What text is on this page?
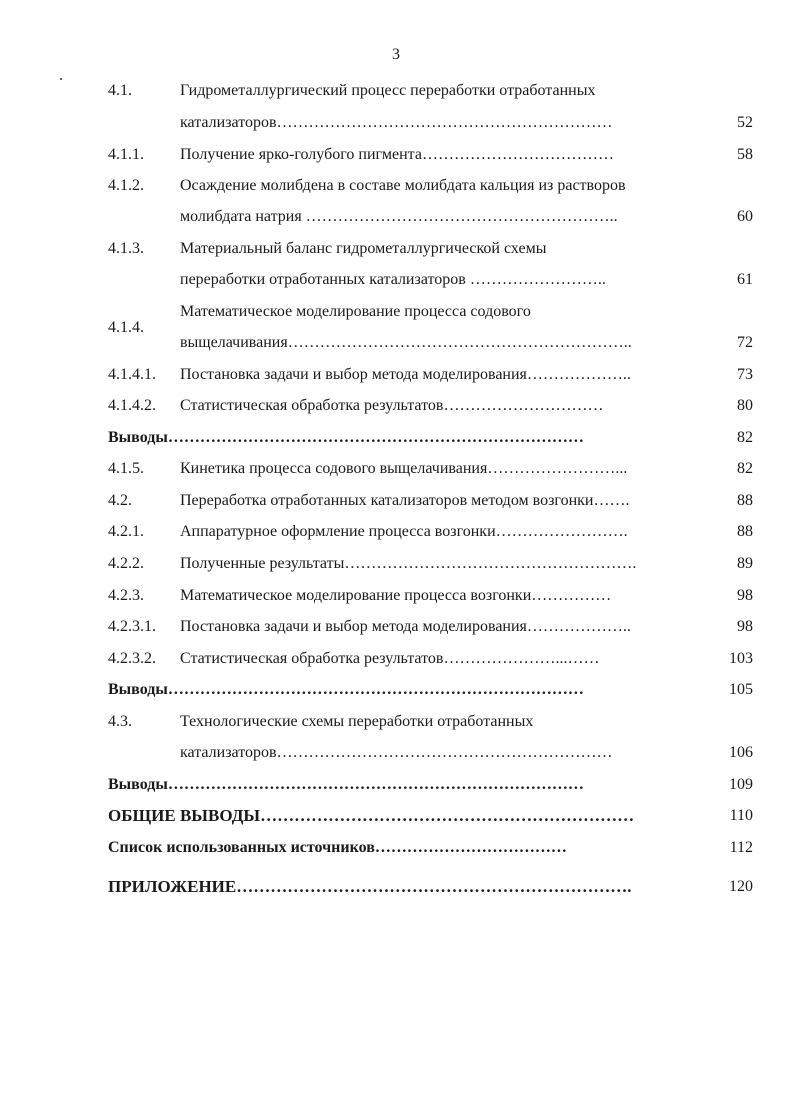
3
4.1.	Гидрометаллургический процесс переработки отработанных
катализаторов………………………………………………………	52
4.1.1. Получение ярко-голубого пигмента………………………………	58
4.1.2. Осаждение молибдена в составе молибдата кальция из растворов
молибдата натрия …………………………………………………..	60
4.1.3. Материальный баланс гидрометаллургической схемы
переработки отработанных катализаторов ……………………..	61
4.1.4.
Математическое моделирование процесса содового
выщелачивания………………………………………………………..	72
4.1.4.1. Постановка задачи и выбор метода моделирования………………..	73
4.1.4.2. Статистическая обработка результатов…………………………	80
Выводы……………………………………………………………………	82
4.1.5. Кинетика процесса содового выщелачивания……………………...	82
4.2.	Переработка отработанных катализаторов методом возгонки…….	88
4.2.1. Аппаратурное оформление процесса возгонки…………………….	88
4.2.2. Полученные результаты……………………………………………….	89
4.2.3. Математическое моделирование процесса возгонки……………	98
4.2.3.1. Постановка задачи и выбор метода моделирования………………..	98
4.2.3.2. Статистическая обработка результатов…………………...……	103
Выводы……………………………………………………………………	105
4.3.	Технологические схемы переработки отработанных
катализаторов………………………………………………………	106
Выводы……………………………………………………………………	109
ОБЩИЕ ВЫВОДЫ…………………………………………………………	110
Список использованных источников………………………………	112
ПРИЛОЖЕНИЕ…………………………………………………………….	120
